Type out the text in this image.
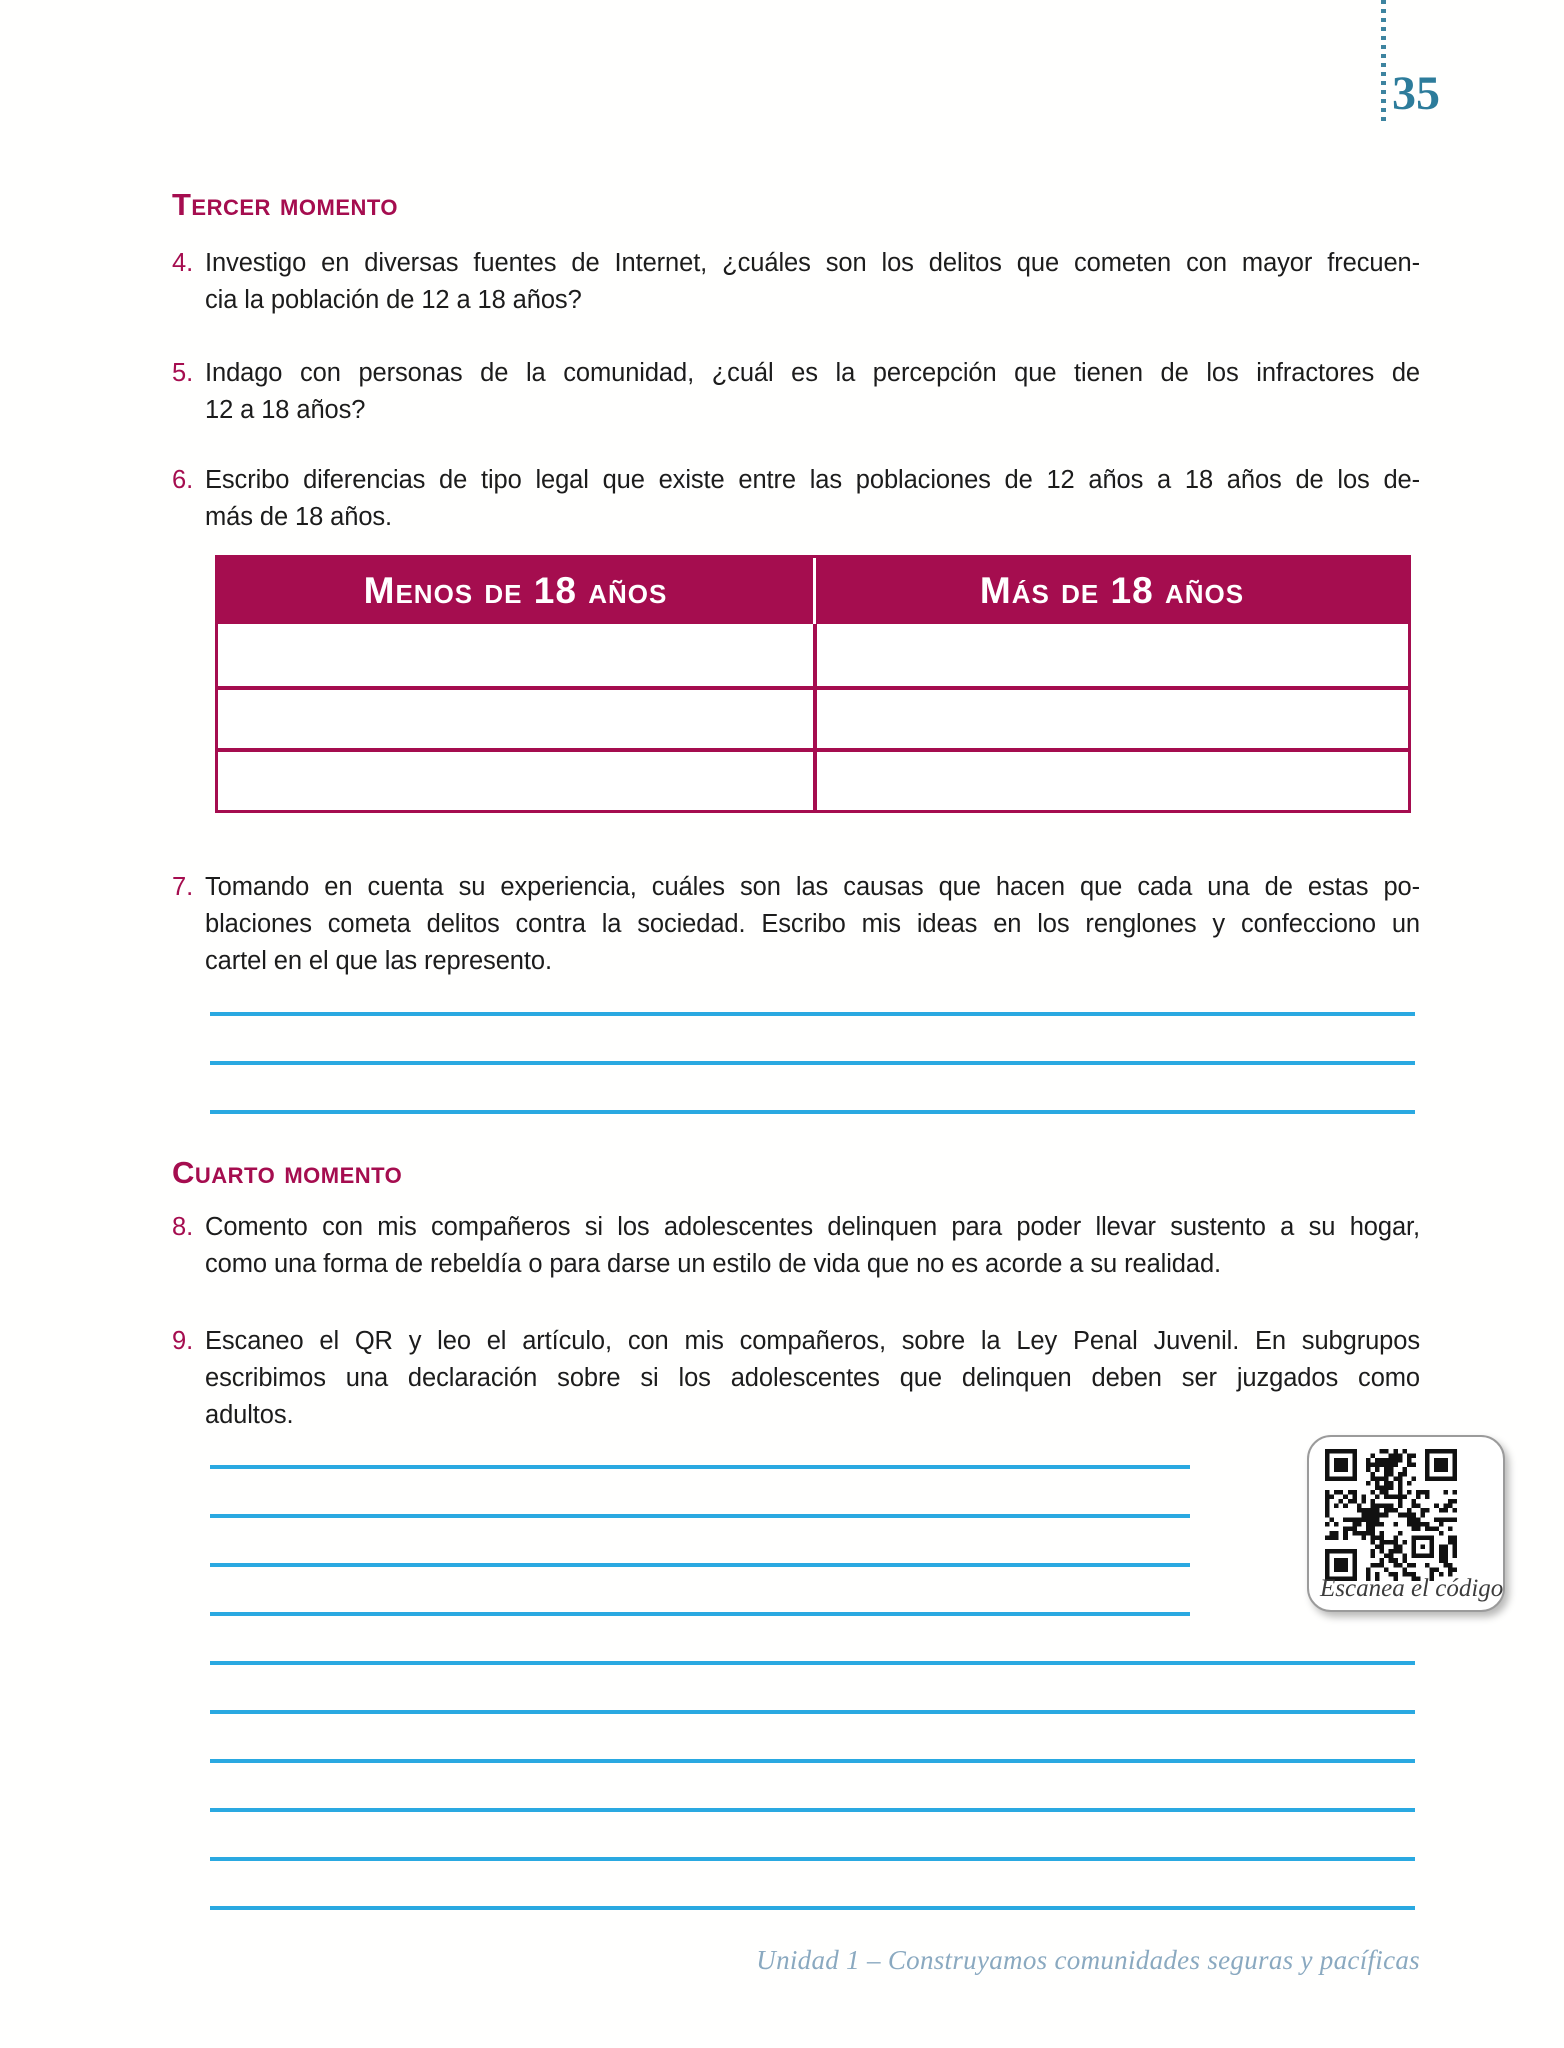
35
Tercer momento
4. Investigo en diversas fuentes de Internet, ¿cuáles son los delitos que cometen con mayor frecuen-
cia la población de 12 a 18 años?
5. Indago con personas de la comunidad, ¿cuál es la percepción que tienen de los infractores de
12 a 18 años?
6. Escribo diferencias de tipo legal que existe entre las poblaciones de 12 años a 18 años de los de-
más de 18 años.
Menos de 18 años	Más de 18 años
7. Tomando en cuenta su experiencia, cuáles son las causas que hacen que cada una de estas po-
blaciones cometa delitos contra la sociedad. Escribo mis ideas en los renglones y confecciono un
cartel en el que las represento.
Cuarto momento
8. Comento con mis compañeros si los adolescentes delinquen para poder llevar sustento a su hogar,
como una forma de rebeldía o para darse un estilo de vida que no es acorde a su realidad.
9. Escaneo el QR y leo el artículo, con mis compañeros, sobre la Ley Penal Juvenil. En subgrupos
escribimos una declaración sobre si los adolescentes que delinquen deben ser juzgados como
adultos.
Escanea el código
Unidad 1 – Construyamos comunidades seguras y pacíficas
